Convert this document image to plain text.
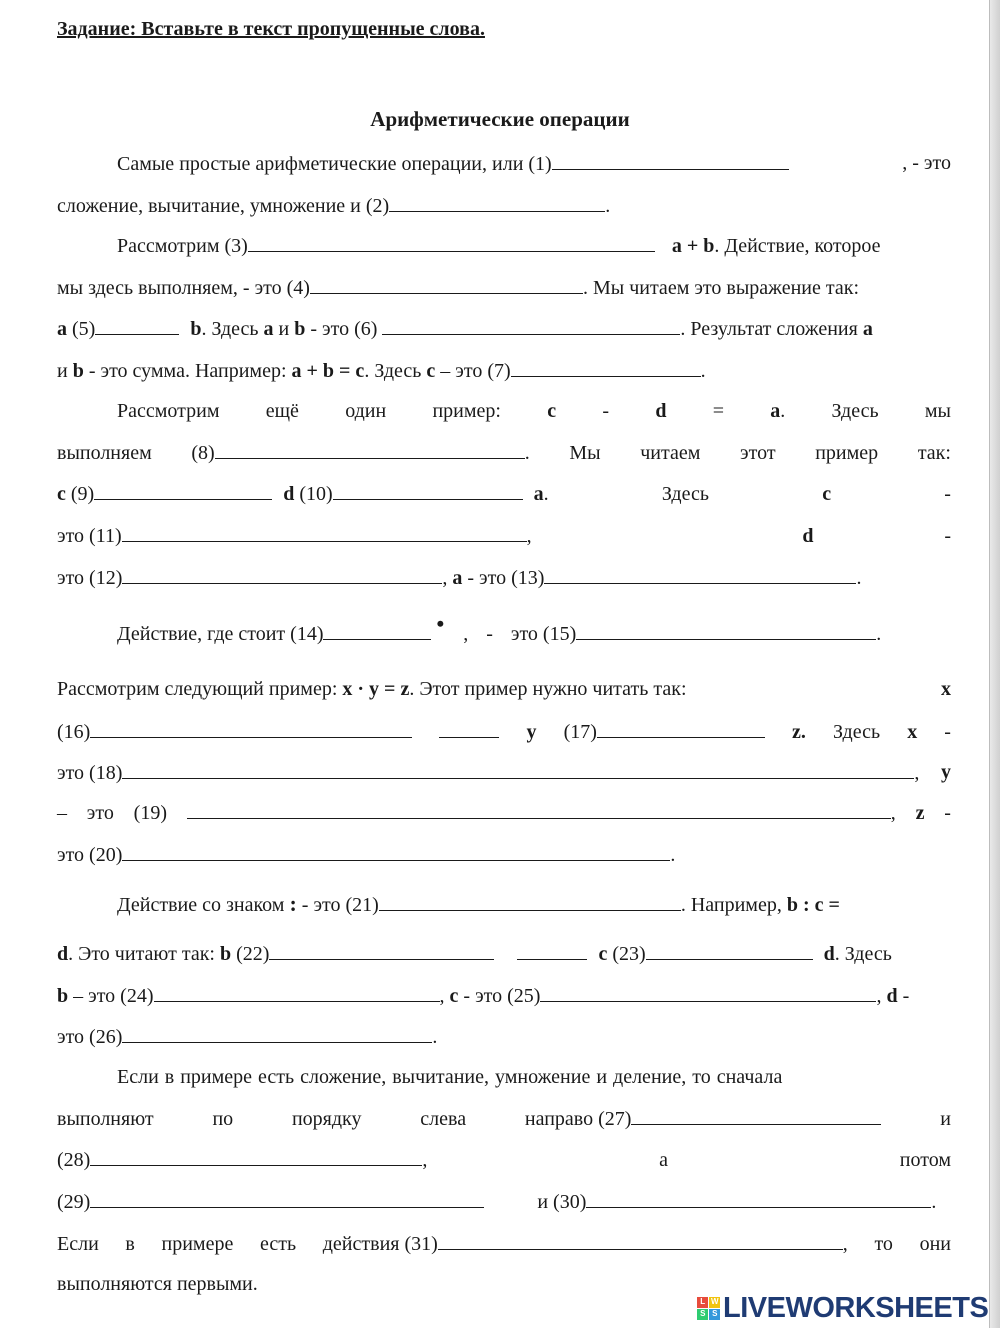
Задание: Вставьте в текст пропущенные слова.
Арифметические операции
Самые простые арифметические операции, или (1)	, - это
сложение, вычитание, умножение и (2)	.
Рассмотрим (3)	a + b. Действие, которое
мы здесь выполняем, - это (4)	. Мы читаем это выражение так:
a (5)	b. Здесь a и b - это (6)	. Результат сложения a
и b - это сумма. Например: a + b = c. Здесь c – это (7)	.
Рассмотрим ещё один пример: c - d = a. Здесь мы
выполняем (8)	. Мы читаем этот пример так:
c (9)	d (10)	a.	Здесь	c	-
это (11)	,	d	-
это (12)	, a - это (13)	.
Действие, где стоит (14)	• , - это (15)	.
Рассмотрим следующий пример: x · y = z. Этот пример нужно читать так:	x
(16)	y (17)	z. Здесь x -
это (18)	, y
– это (19)	, z -
это (20)	.
Действие со знаком : - это (21)	. Например, b : c =
d. Это читают так: b (22)	c (23)	d. Здесь
b – это (24)	, c - это (25)	, d -
это (26)	.
Если в примере есть сложение, вычитание, умножение и деление, то сначала
выполняют	по	порядку	слева	направо (27)	и
(28)	,	а	потом
(29)	и (30)	.
Если в примере есть действия (31)	, то они
выполняются первыми.
L W
S S LIVEWORKSHEETS
